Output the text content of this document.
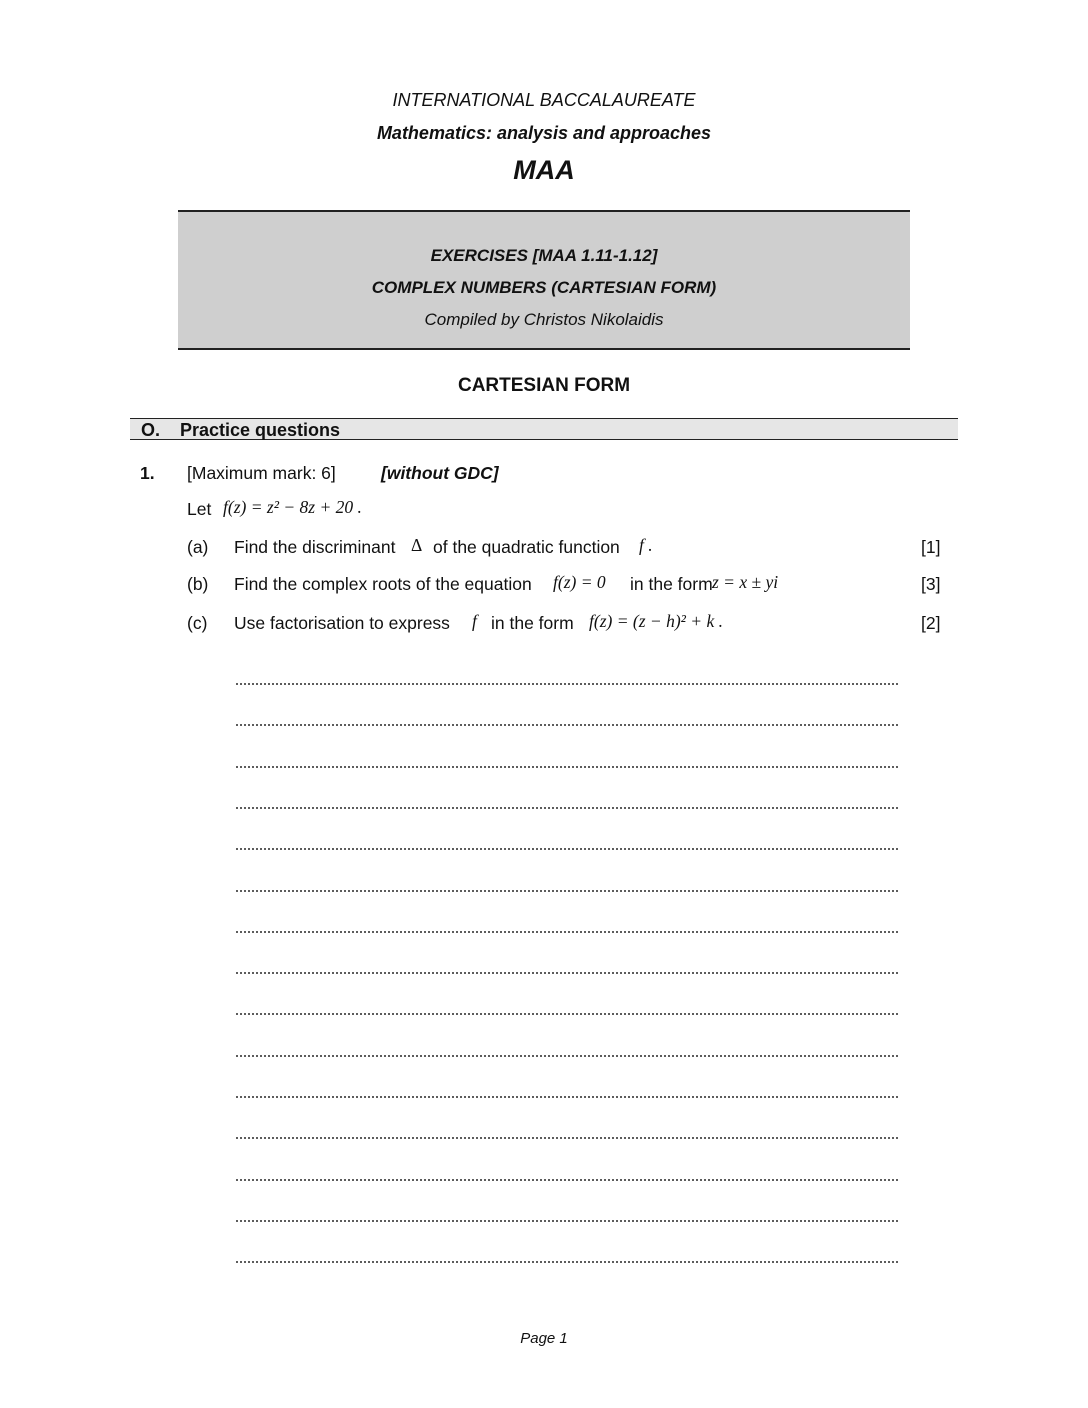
INTERNATIONAL BACCALAUREATE
Mathematics: analysis and approaches
MAA
EXERCISES [MAA 1.11-1.12]
COMPLEX NUMBERS (CARTESIAN FORM)
Compiled by Christos Nikolaidis
CARTESIAN FORM
O. Practice questions
1. [Maximum mark: 6]	[without GDC]
Let f(z) = z² − 8z + 20 .
(a) Find the discriminant Δ of the quadratic function f .	[1]
(b) Find the complex roots of the equation f(z) = 0 in the form z = x ± yi	[3]
(c) Use factorisation to express f in the form f(z) = (z − h)² + k .	[2]
Page 1
